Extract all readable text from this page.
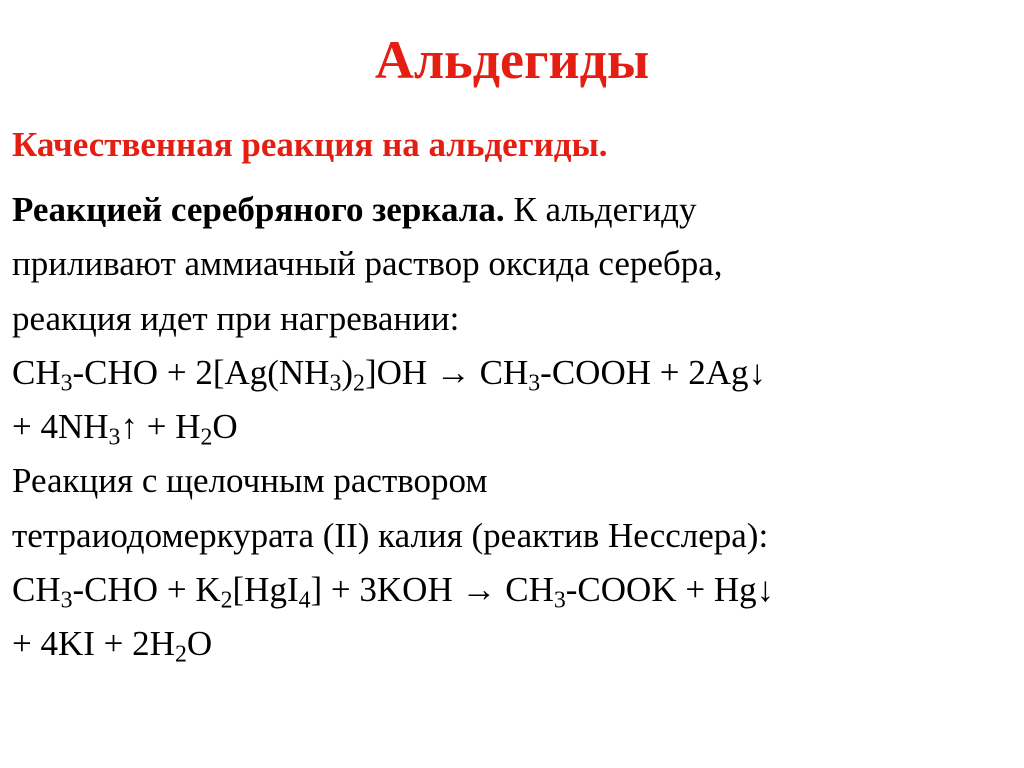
Альдегиды
Качественная реакция на альдегиды.
Реакцией серебряного зеркала. К альдегиду
приливают аммиачный раствор оксида серебра,
реакция идет при нагревании:
$CH_3$-CHO + $2[Ag(NH_3)_2]OH$ → $CH_3$-COOH + 2Ag↓
+ $4NH_3↑ + H_2O$
Реакция с щелочным раствором
тетраиодомеркурата (II) калия (реактив Несслера):
$CH_3$-CHO + $K_2[HgI_4] + 3KOH$ → $CH_3$-COOK + Hg↓
+ $4KI + 2H_2O$
